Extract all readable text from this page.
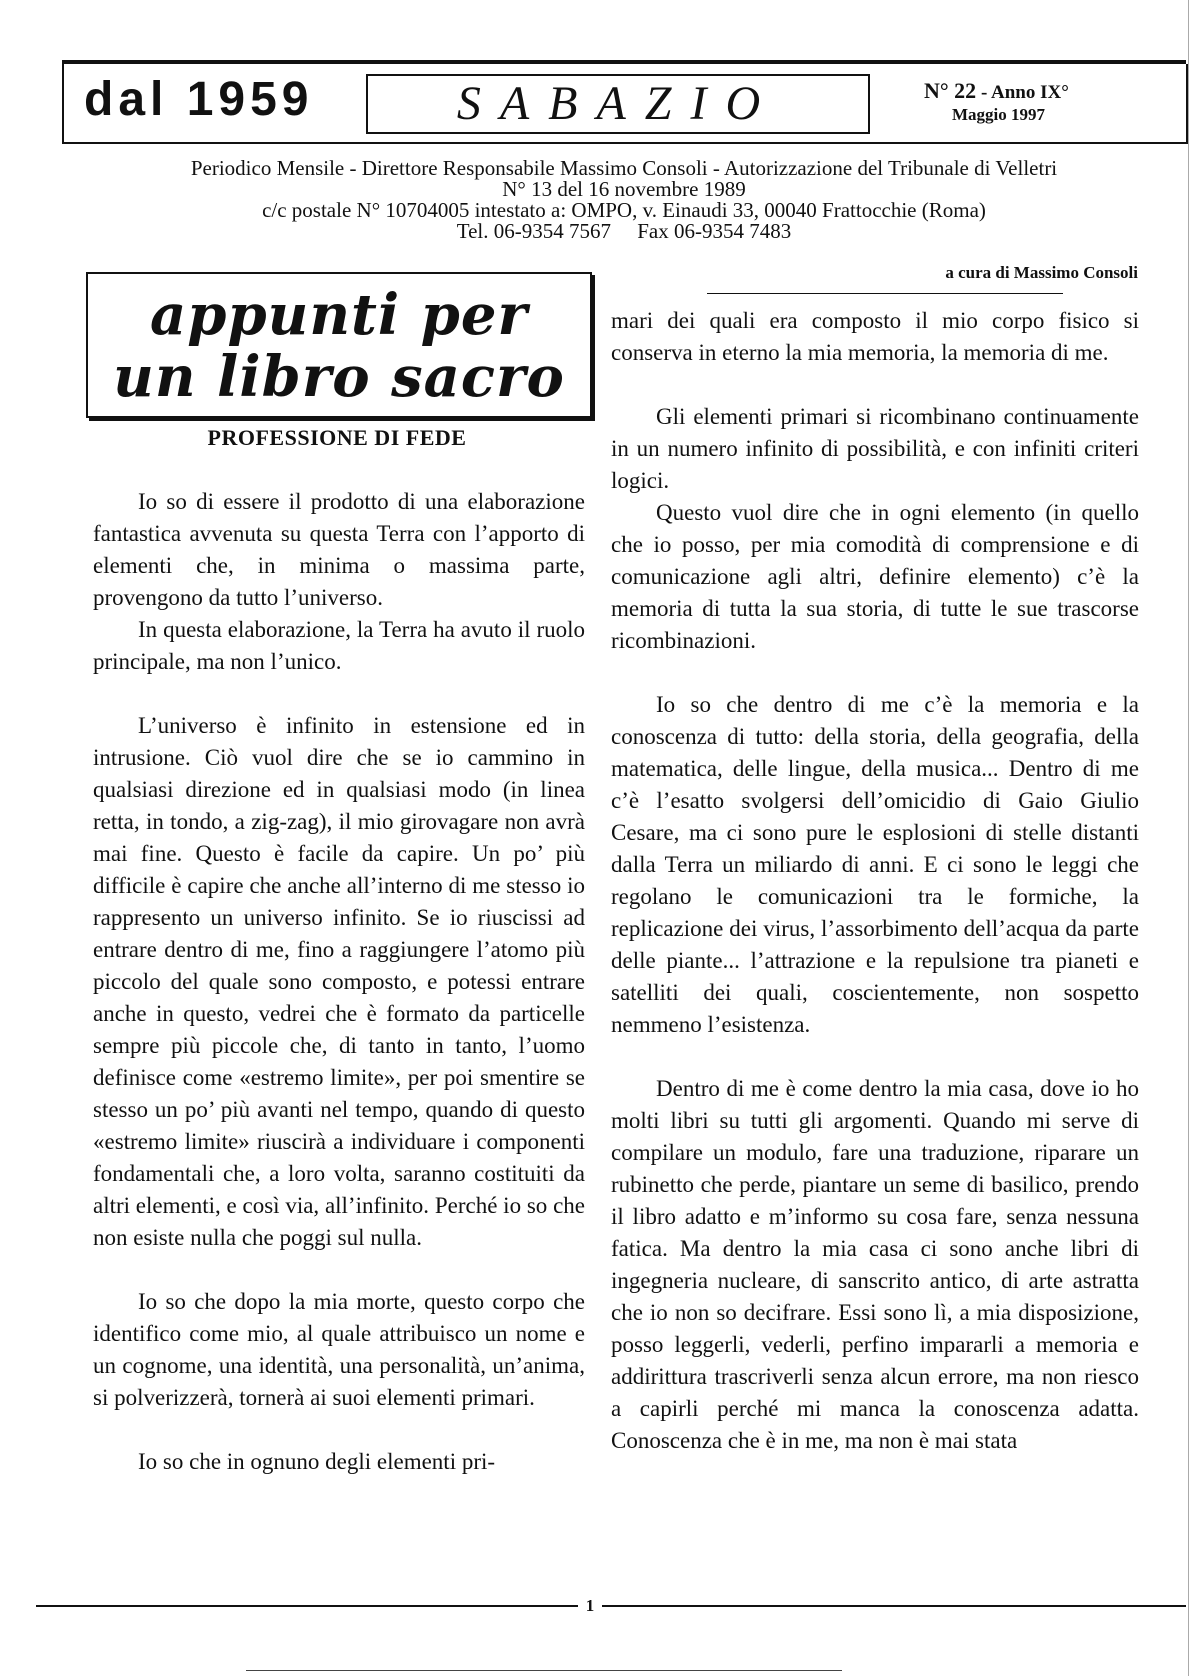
dal 1959	SABAZIO	N° 22 - Anno IX°
Maggio 1997
Periodico Mensile - Direttore Responsabile Massimo Consoli - Autorizzazione del Tribunale di Velletri
N° 13 del 16 novembre 1989
c/c postale N° 10704005 intestato a: OMPO, v. Einaudi 33, 00040 Frattocchie (Roma)
Tel. 06-9354 7567     Fax 06-9354 7483
a cura di Massimo Consoli
appunti per
un libro sacro
PROFESSIONE DI FEDE

Io so di essere il prodotto di una elaborazione fantastica avvenuta su questa Terra con l’apporto di elementi che, in minima o massima parte, provengono da tutto l’universo.

In questa elaborazione, la Terra ha avuto il ruolo principale, ma non l’unico.

L’universo è infinito in estensione ed in intrusione. Ciò vuol dire che se io cammino in qualsiasi direzione ed in qualsiasi modo (in linea retta, in tondo, a zig-zag), il mio girovagare non avrà mai fine. Questo è facile da capire. Un po’ più difficile è capire che anche all’interno di me stesso io rappresento un universo infinito. Se io riuscissi ad entrare dentro di me, fino a raggiungere l’atomo più piccolo del quale sono composto, e potessi entrare anche in questo, vedrei che è formato da particelle sempre più piccole che, di tanto in tanto, l’uomo definisce come «estremo limite», per poi smentire se stesso un po’ più avanti nel tempo, quando di questo «estremo limite» riuscirà a individuare i componenti fondamentali che, a loro volta, saranno costituiti da altri elementi, e così via, all’infinito. Perché io so che non esiste nulla che poggi sul nulla.

Io so che dopo la mia morte, questo corpo che identifico come mio, al quale attribuisco un nome e un cognome, una identità, una personalità, un’anima, si polverizzerà, tornerà ai suoi elementi primari.

Io so che in ognuno degli elementi pri-

mari dei quali era composto il mio corpo fisico si conserva in eterno la mia memoria, la memoria di me.

Gli elementi primari si ricombinano continuamente in un numero infinito di possibilità, e con infiniti criteri logici.

Questo vuol dire che in ogni elemento (in quello che io posso, per mia comodità di comprensione e di comunicazione agli altri, definire elemento) c’è la memoria di tutta la sua storia, di tutte le sue trascorse ricombinazioni.

Io so che dentro di me c’è la memoria e la conoscenza di tutto: della storia, della geografia, della matematica, delle lingue, della musica... Dentro di me c’è l’esatto svolgersi dell’omicidio di Gaio Giulio Cesare, ma ci sono pure le esplosioni di stelle distanti dalla Terra un miliardo di anni. E ci sono le leggi che regolano le comunicazioni tra le formiche, la replicazione dei virus, l’assorbimento dell’acqua da parte delle piante... l’attrazione e la repulsione tra pianeti e satelliti dei quali, coscientemente, non sospetto nemmeno l’esistenza.

Dentro di me è come dentro la mia casa, dove io ho molti libri su tutti gli argomenti. Quando mi serve di compilare un modulo, fare una traduzione, riparare un rubinetto che perde, piantare un seme di basilico, prendo il libro adatto e m’informo su cosa fare, senza nessuna fatica. Ma dentro la mia casa ci sono anche libri di ingegneria nucleare, di sanscrito antico, di arte astratta che io non so decifrare. Essi sono lì, a mia disposizione, posso leggerli, vederli, perfino impararli a memoria e addirittura trascriverli senza alcun errore, ma non riesco a capirli perché mi manca la conoscenza adatta. Conoscenza che è in me, ma non è mai stata

1
